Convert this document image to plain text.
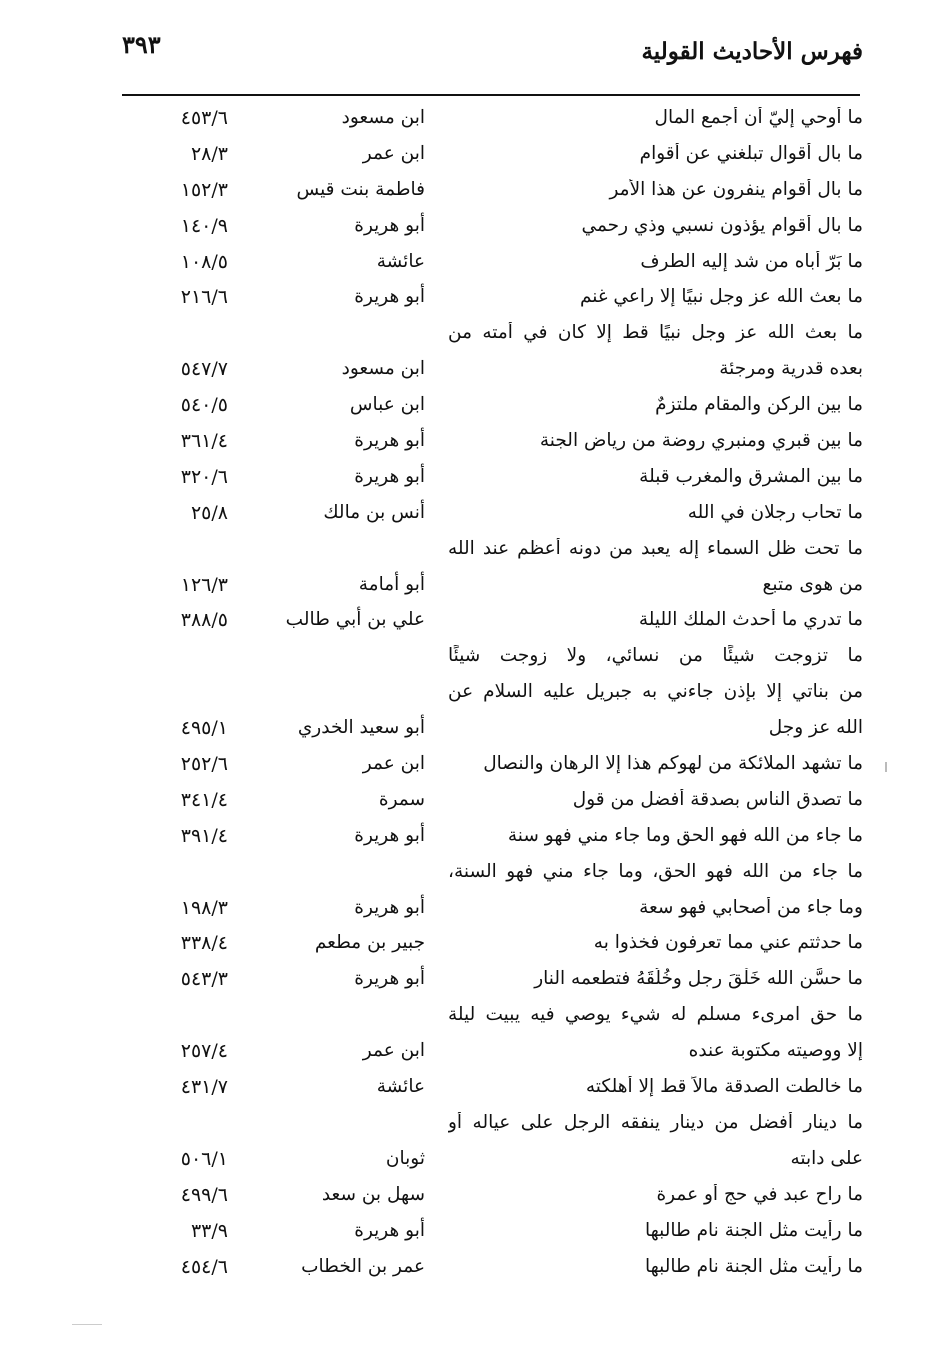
فهرس الأحاديث القولية
٣٩٣
ما أُوحي إليّ أن أجمع المال
ابن مسعود
٤٥٣/٦
ما بال أقوال تبلغني عن أقوام
ابن عمر
٢٨/٣
ما بال أقوام ينفرون عن هذا الأمر
فاطمة بنت قيس
١٥٢/٣
ما بال أقوام يؤذون نسبي وذي رحمي
أبو هريرة
١٤٠/٩
ما بَرّ أباه من شد إليه الطرف
عائشة
١٠٨/٥
ما بعث الله عز وجل نبيًا إلا راعي غنم
أبو هريرة
٢١٦/٦
ما بعث الله عز وجل نبيًا قط إلا كان في أمته من
بعده قدرية ومرجئة
ابن مسعود
٥٤٧/٧
ما بين الركن والمقام ملتزمٌ
ابن عباس
٥٤٠/٥
ما بين قبري ومنبري روضة من رياض الجنة
أبو هريرة
٣٦١/٤
ما بين المشرق والمغرب قبلة
أبو هريرة
٣٢٠/٦
ما تحاب رجلان في الله
أنس بن مالك
٢٥/٨
ما تحت ظل السماء إله يعبد من دونه أعظم عند الله
من هوى متبع
أبو أمامة
١٢٦/٣
ما تدري ما أحدث الملك الليلة
علي بن أبي طالب
٣٨٨/٥
ما تزوجت شيئًا من نسائي، ولا زوجت شيئًا
من بناتي إلا بإذن جاءني به جبريل عليه السلام عن
الله عز وجل
أبو سعيد الخدري
٤٩٥/١
ما تشهد الملائكة من لهوكم هذا إلا الرهان والنصال
ابن عمر
٢٥٢/٦
ما تصدق الناس بصدقة أفضل من قول
سمرة
٣٤١/٤
ما جاء من الله فهو الحق وما جاء مني فهو سنة
أبو هريرة
٣٩١/٤
ما جاء من الله فهو الحق، وما جاء مني فهو السنة،
وما جاء من أصحابي فهو سعة
أبو هريرة
١٩٨/٣
ما حدثتم عني مما تعرفون فخذوا به
جبير بن مطعم
٣٣٨/٤
ما حسَّن الله خَلْقَ رجل وخُلُقَهُ فتطعمه النار
أبو هريرة
٥٤٣/٣
ما حق امرىء مسلم له شيء يوصي فيه يبيت ليلة
إلا ووصيته مكتوبة عنده
ابن عمر
٢٥٧/٤
ما خالطت الصدقة مالاً قط إلا أهلكته
عائشة
٤٣١/٧
ما دينار أفضل من دينار ينفقه الرجل على عياله أو
على دابته
ثوبان
٥٠٦/١
ما راح عبد في حج أو عمرة
سهل بن سعد
٤٩٩/٦
ما رأيت مثل الجنة نام طالبها
أبو هريرة
٣٣/٩
ما رأيت مثل الجنة نام طالبها
عمر بن الخطاب
٤٥٤/٦
